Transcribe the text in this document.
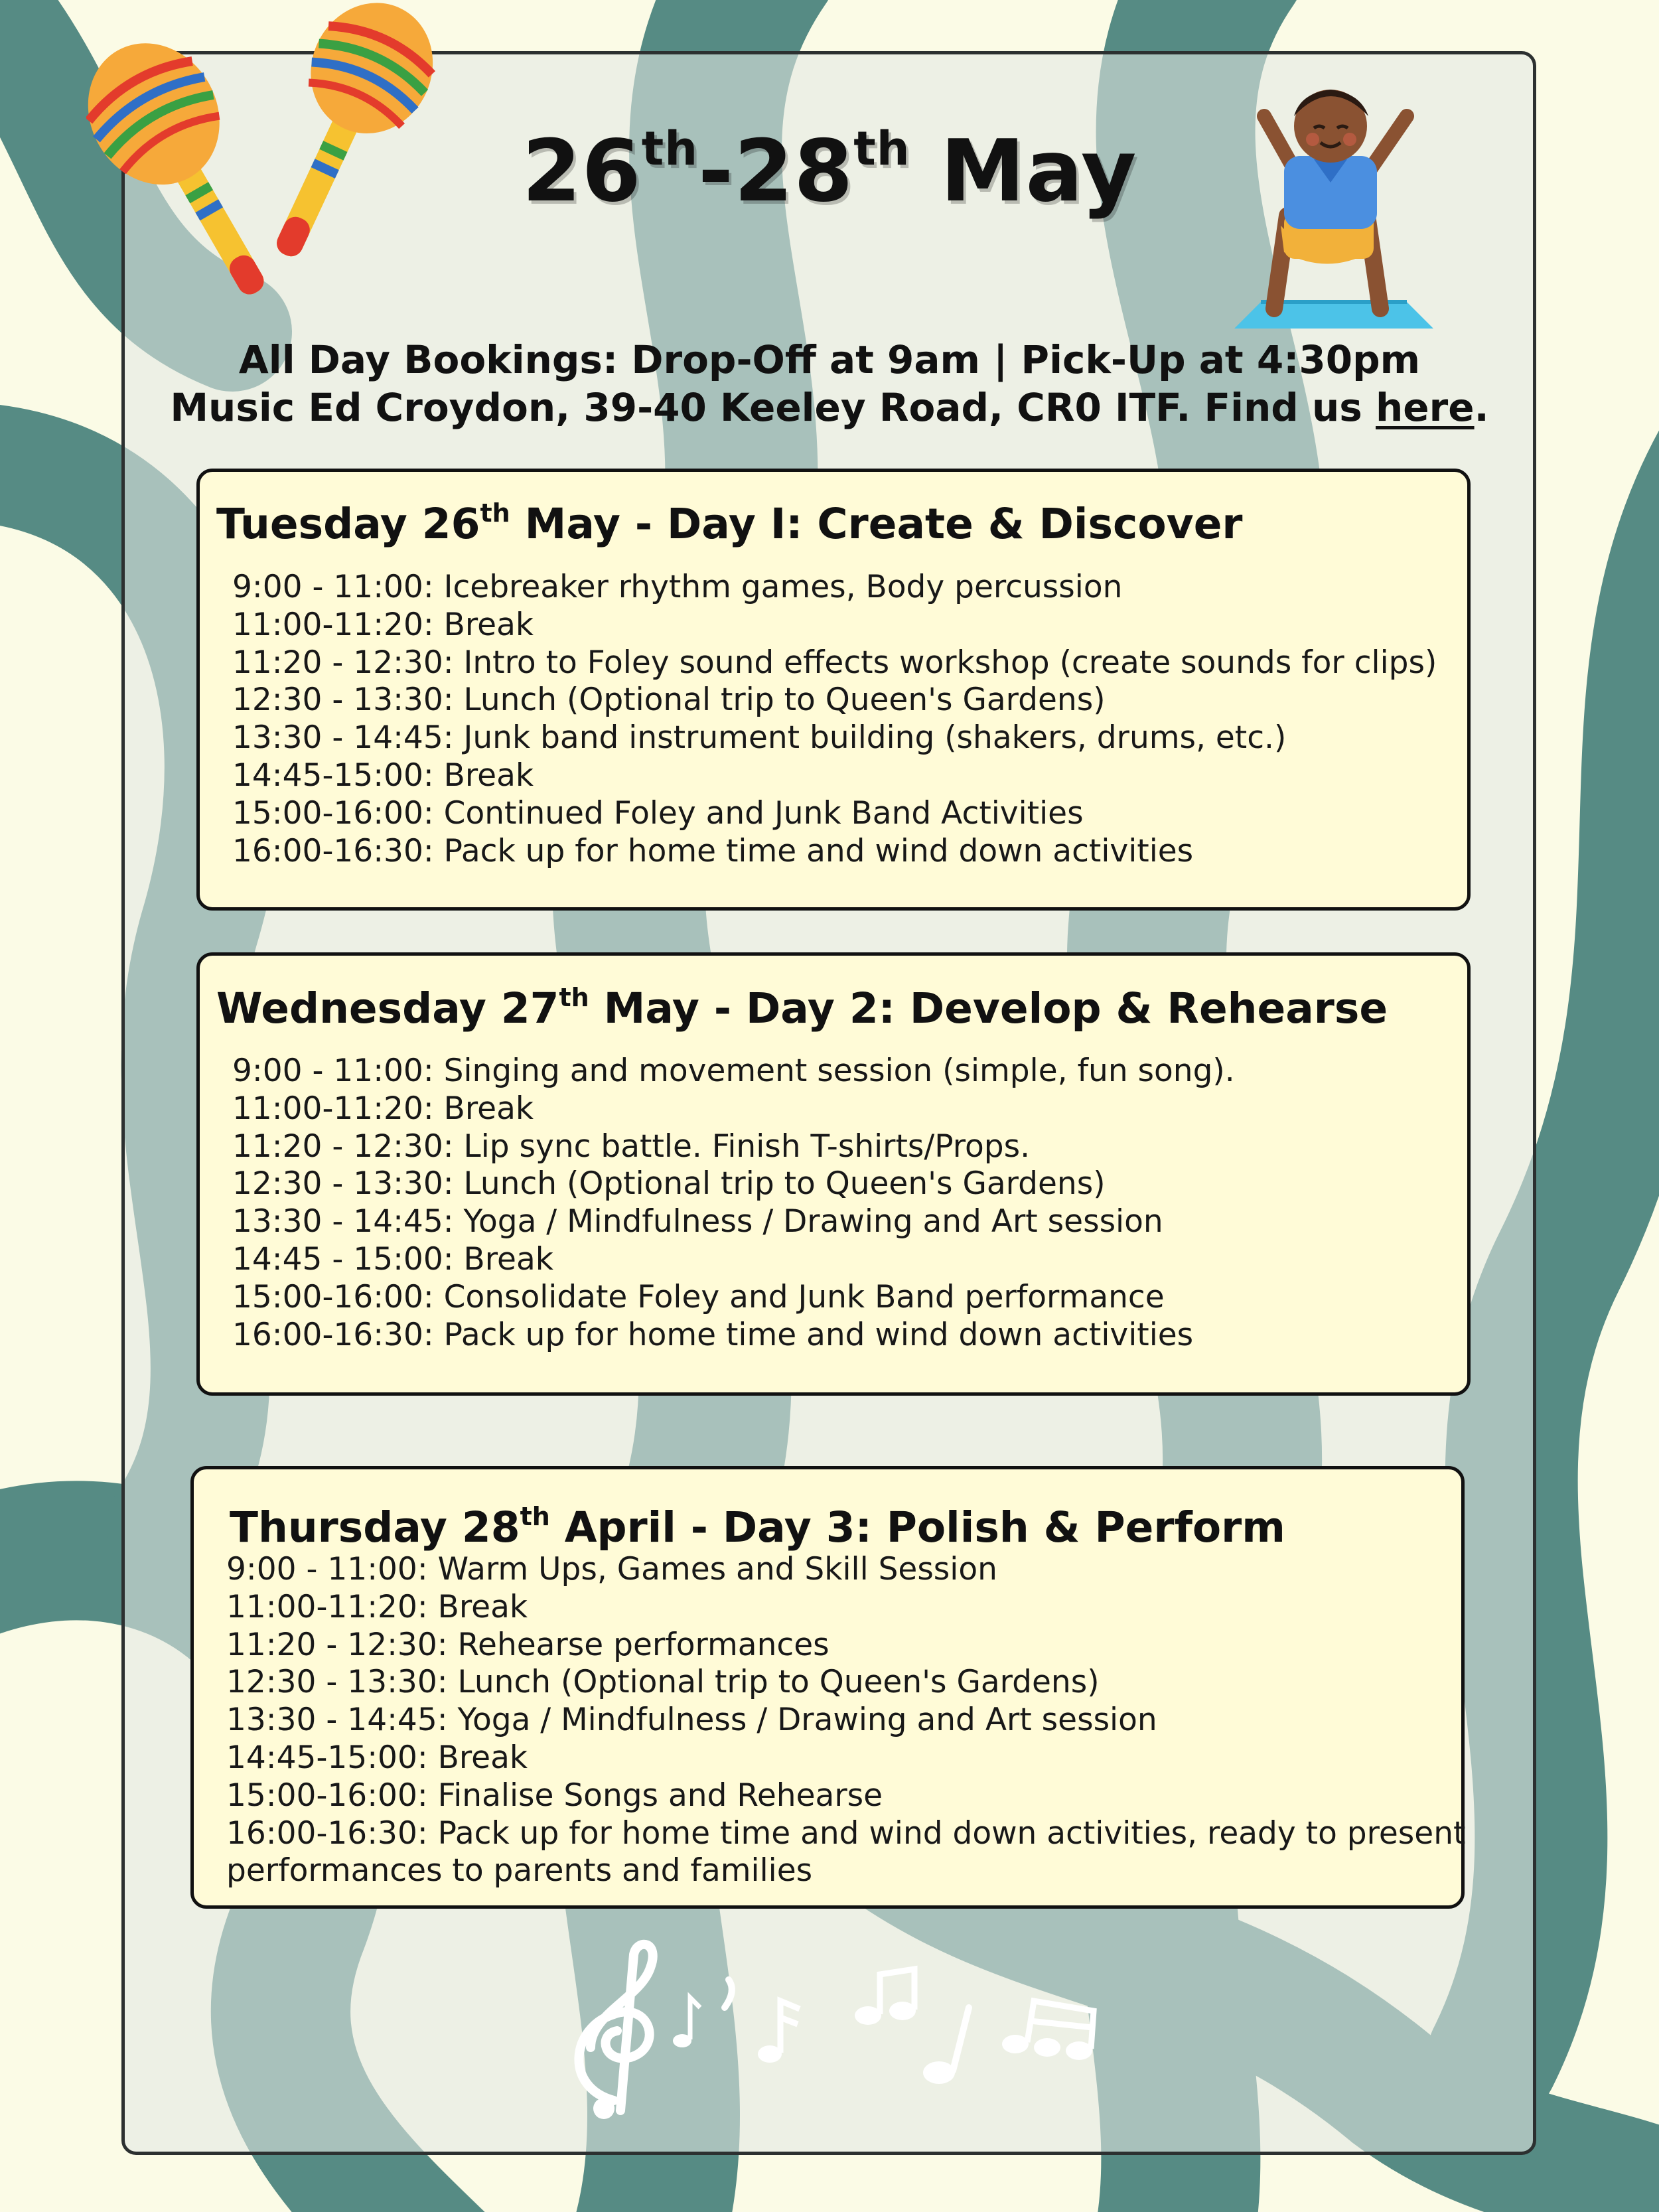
26th-28th May
All Day Bookings: Drop-Off at 9am | Pick-Up at 4:30pm
Music Ed Croydon, 39-40 Keeley Road, CR0 ITF. Find us here.
Tuesday 26th May - Day I: Create & Discover
9:00 - 11:00: Icebreaker rhythm games, Body percussion
11:00-11:20: Break
11:20 - 12:30: Intro to Foley sound effects workshop (create sounds for clips)
12:30 - 13:30: Lunch (Optional trip to Queen's Gardens)
13:30 - 14:45: Junk band instrument building (shakers, drums, etc.)
14:45-15:00: Break
15:00-16:00: Continued Foley and Junk Band Activities
16:00-16:30: Pack up for home time and wind down activities
Wednesday 27th May - Day 2: Develop & Rehearse
9:00 - 11:00: Singing and movement session (simple, fun song).
11:00-11:20: Break
11:20 - 12:30: Lip sync battle. Finish T-shirts/Props.
12:30 - 13:30: Lunch (Optional trip to Queen's Gardens)
13:30 - 14:45: Yoga / Mindfulness / Drawing and Art session
14:45 - 15:00: Break
15:00-16:00: Consolidate Foley and Junk Band performance
16:00-16:30: Pack up for home time and wind down activities
Thursday 28th April - Day 3: Polish & Perform
9:00 - 11:00: Warm Ups, Games and Skill Session
11:00-11:20: Break
11:20 - 12:30: Rehearse performances
12:30 - 13:30: Lunch (Optional trip to Queen's Gardens)
13:30 - 14:45: Yoga / Mindfulness / Drawing and Art session
14:45-15:00: Break
15:00-16:00: Finalise Songs and Rehearse
16:00-16:30: Pack up for home time and wind down activities, ready to present
performances to parents and families
